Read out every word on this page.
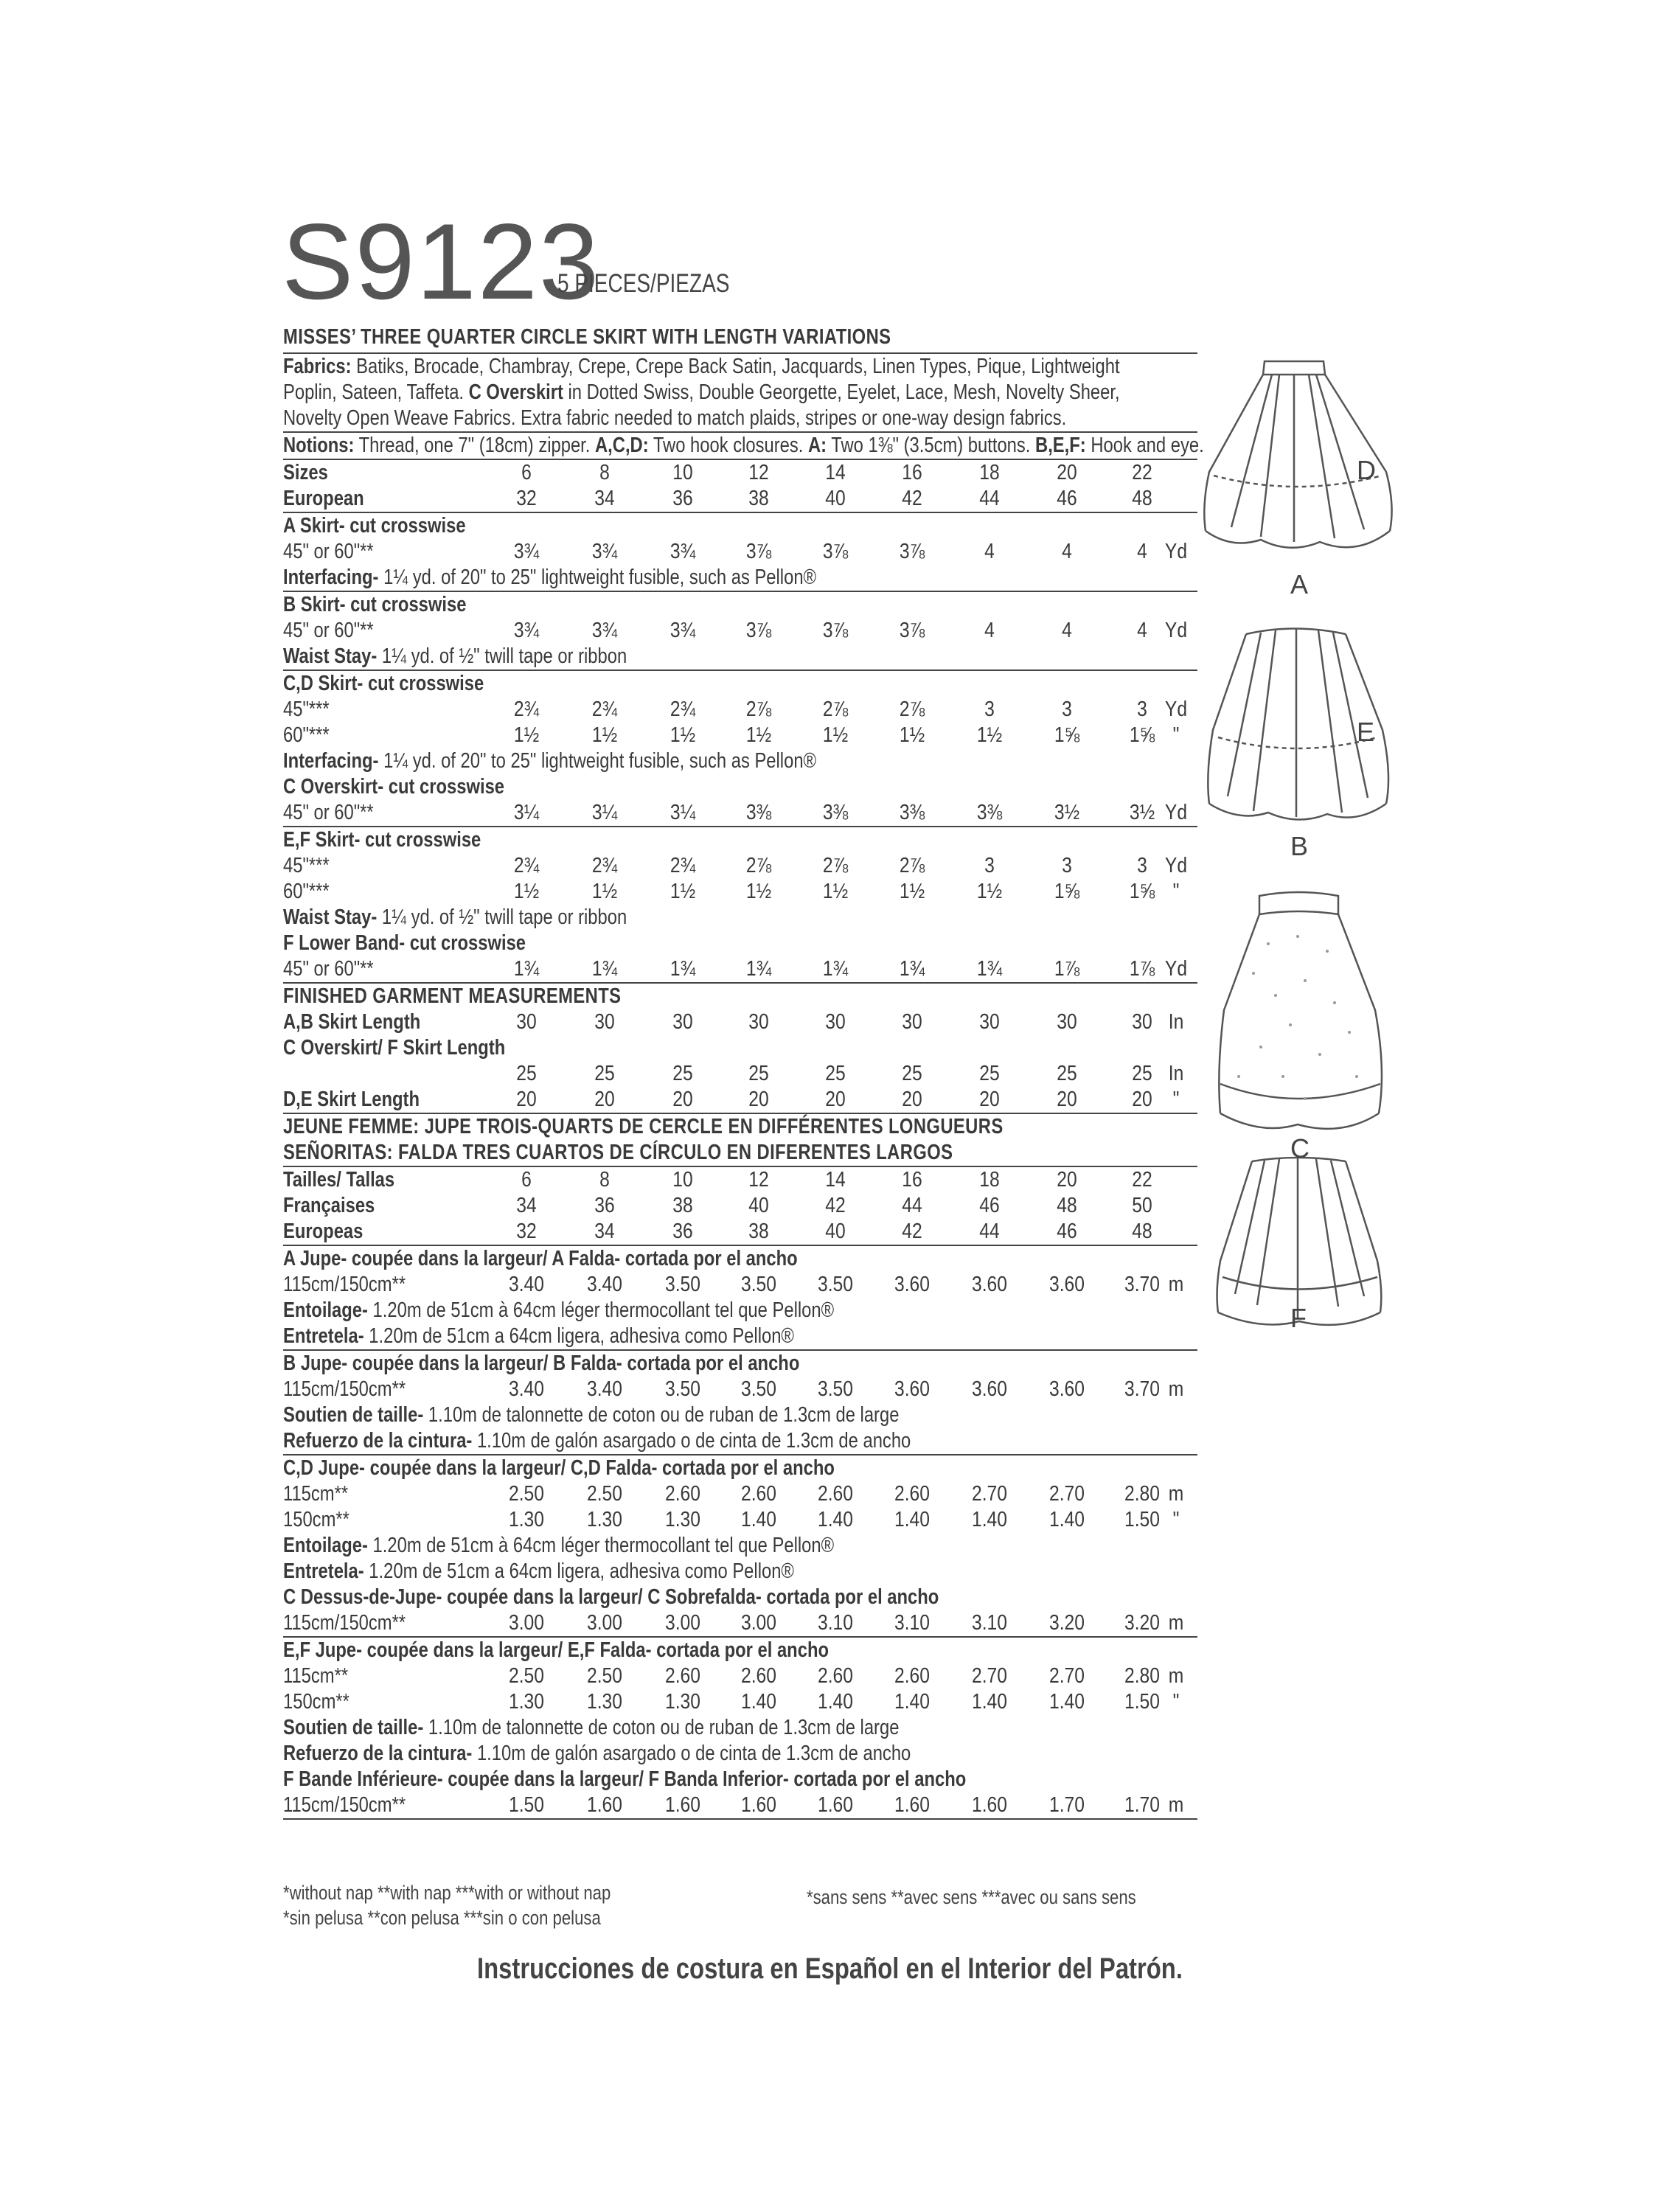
S9123
5 PIECES/PIEZAS
MISSES’ THREE QUARTER CIRCLE SKIRT WITH LENGTH VARIATIONS
Fabrics: Batiks, Brocade, Chambray, Crepe, Crepe Back Satin, Jacquards, Linen Types, Pique, Lightweight
Poplin, Sateen, Taffeta. C Overskirt in Dotted Swiss, Double Georgette, Eyelet, Lace, Mesh, Novelty Sheer,
Novelty Open Weave Fabrics. Extra fabric needed to match plaids, stripes or one-way design fabrics.
Notions: Thread, one 7" (18cm) zipper. A,C,D: Two hook closures. A: Two 1⅜" (3.5cm) buttons. B,E,F: Hook and eye.
Sizes	6	8	10	12	14	16	18	20	22
European	32	34	36	38	40	42	44	46	48
A Skirt- cut crosswise
45" or 60"**	3¾	3¾	3¾	3⅞	3⅞	3⅞	4	4	4 Yd
Interfacing- 1¼ yd. of 20" to 25" lightweight fusible, such as Pellon®
B Skirt- cut crosswise
45" or 60"**	3¾	3¾	3¾	3⅞	3⅞	3⅞	4	4	4 Yd
Waist Stay- 1¼ yd. of ½" twill tape or ribbon
C,D Skirt- cut crosswise
45"***	2¾	2¾	2¾	2⅞	2⅞	2⅞	3	3	3 Yd
60"***	1½	1½	1½	1½	1½	1½	1½	1⅝	1⅝ "
Interfacing- 1¼ yd. of 20" to 25" lightweight fusible, such as Pellon®
C Overskirt- cut crosswise
45" or 60"**	3¼	3¼	3¼	3⅜	3⅜	3⅜	3⅜	3½	3½ Yd
E,F Skirt- cut crosswise
45"***	2¾	2¾	2¾	2⅞	2⅞	2⅞	3	3	3 Yd
60"***	1½	1½	1½	1½	1½	1½	1½	1⅝	1⅝ "
Waist Stay- 1¼ yd. of ½" twill tape or ribbon
F Lower Band- cut crosswise
45" or 60"**	1¾	1¾	1¾	1¾	1¾	1¾	1¾	1⅞	1⅞ Yd
FINISHED GARMENT MEASUREMENTS
A,B Skirt Length	30	30	30	30	30	30	30	30	30 In
C Overskirt/ F Skirt Length
25	25	25	25	25	25	25	25	25 In
D,E Skirt Length	20	20	20	20	20	20	20	20	20 "
JEUNE FEMME: JUPE TROIS-QUARTS DE CERCLE EN DIFFÉRENTES LONGUEURS
SEÑORITAS: FALDA TRES CUARTOS DE CÍRCULO EN DIFERENTES LARGOS
Tailles/ Tallas	6	8	10	12	14	16	18	20	22
Françaises	34	36	38	40	42	44	46	48	50
Europeas	32	34	36	38	40	42	44	46	48
A Jupe- coupée dans la largeur/ A Falda- cortada por el ancho
115cm/150cm**	3.40	3.40	3.50	3.50	3.50	3.60	3.60	3.60	3.70 m
Entoilage- 1.20m de 51cm à 64cm léger thermocollant tel que Pellon®
Entretela- 1.20m de 51cm a 64cm ligera, adhesiva como Pellon®
B Jupe- coupée dans la largeur/ B Falda- cortada por el ancho
115cm/150cm**	3.40	3.40	3.50	3.50	3.50	3.60	3.60	3.60	3.70 m
Soutien de taille- 1.10m de talonnette de coton ou de ruban de 1.3cm de large
Refuerzo de la cintura- 1.10m de galón asargado o de cinta de 1.3cm de ancho
C,D Jupe- coupée dans la largeur/ C,D Falda- cortada por el ancho
115cm**	2.50	2.50	2.60	2.60	2.60	2.60	2.70	2.70	2.80 m
150cm**	1.30	1.30	1.30	1.40	1.40	1.40	1.40	1.40	1.50 "
Entoilage- 1.20m de 51cm à 64cm léger thermocollant tel que Pellon®
Entretela- 1.20m de 51cm a 64cm ligera, adhesiva como Pellon®
C Dessus-de-Jupe- coupée dans la largeur/ C Sobrefalda- cortada por el ancho
115cm/150cm**	3.00	3.00	3.00	3.00	3.10	3.10	3.10	3.20	3.20 m
E,F Jupe- coupée dans la largeur/ E,F Falda- cortada por el ancho
115cm**	2.50	2.50	2.60	2.60	2.60	2.60	2.70	2.70	2.80 m
150cm**	1.30	1.30	1.30	1.40	1.40	1.40	1.40	1.40	1.50 "
Soutien de taille- 1.10m de talonnette de coton ou de ruban de 1.3cm de large
Refuerzo de la cintura- 1.10m de galón asargado o de cinta de 1.3cm de ancho
F Bande Inférieure- coupée dans la largeur/ F Banda Inferior- cortada por el ancho
115cm/150cm**	1.50	1.60	1.60	1.60	1.60	1.60	1.60	1.70	1.70 m
*without nap **with nap ***with or without nap
*sin pelusa **con pelusa ***sin o con pelusa
*sans sens **avec sens ***avec ou sans sens
Instrucciones de costura en Español en el Interior del Patrón.
D
A
E
B
C
F
